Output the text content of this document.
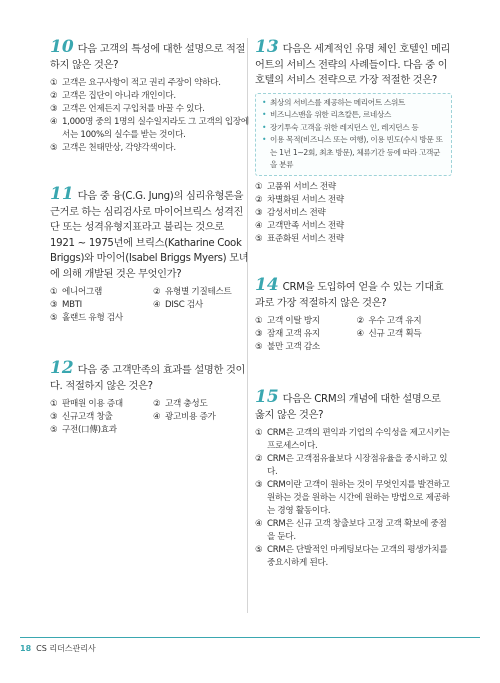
10 다음 고객의 특성에 대한 설명으로 적절하지 않은 것은?

① 고객은 요구사항이 적고 권리 주장이 약하다.
② 고객은 집단이 아니라 개인이다.
③ 고객은 언제든지 구입처를 바꿀 수 있다.
④ 1,000명 중의 1명의 실수일지라도 그 고객의 입장에서는 100%의 실수를 받는 것이다.
⑤ 고객은 천태만상, 각양각색이다.

11 다음 중 융(C.G. Jung)의 심리유형론을 근거로 하는 심리검사로 마이어브릭스 성격진단 또는 성격유형지표라고 불리는 것으로 1921 ~ 1975년에 브릭스(Katharine Cook Briggs)와 마이어(Isabel Briggs Myers) 모녀에 의해 개발된 것은 무엇인가?

① 에니어그램	② 유형별 기질테스트
③ MBTI	④ DISC 검사
⑤ 홀랜드 유형 검사

12 다음 중 고객만족의 효과를 설명한 것이다. 적절하지 않은 것은?

① 판매원 이용 증대	② 고객 충성도
③ 신규고객 창출	④ 광고비용 증가
⑤ 구전(口傳)효과

13 다음은 세계적인 유명 체인 호텔인 메리어트의 서비스 전략의 사례들이다. 다음 중 이 호텔의 서비스 전략으로 가장 적절한 것은?

• 최상의 서비스를 제공하는 메리어트 스위트
• 비즈니스맨을 위한 리츠칼튼, 르네상스
• 장기투숙 고객을 위한 레지던스 인, 레지던스 등
• 이용 목적(비즈니스 또는 여행), 이용 빈도(수시 방문 또는 1년 1~2회, 최초 방문), 체류기간 등에 따라 고객군을 분류
① 고품위 서비스 전략
② 차별화된 서비스 전략
③ 감성서비스 전략
④ 고객만족 서비스 전략
⑤ 표준화된 서비스 전략

14 CRM을 도입하여 얻을 수 있는 기대효과로 가장 적절하지 않은 것은?

① 고객 이탈 방지	② 우수 고객 유지
③ 잠재 고객 유지	④ 신규 고객 획득
⑤ 불만 고객 감소

15 다음은 CRM의 개념에 대한 설명으로 옳지 않은 것은?

① CRM은 고객의 편익과 기업의 수익성을 제고시키는 프로세스이다.
② CRM은 고객점유율보다 시장점유율을 중시하고 있다.
③ CRM이란 고객이 원하는 것이 무엇인지를 발견하고 원하는 것을 원하는 시간에 원하는 방법으로 제공하는 경영 활동이다.
④ CRM은 신규 고객 창출보다 고정 고객 확보에 중점을 둔다.
⑤ CRM은 단발적인 마케팅보다는 고객의 평생가치를 중요시하게 된다.
18 CS 리더스관리사
